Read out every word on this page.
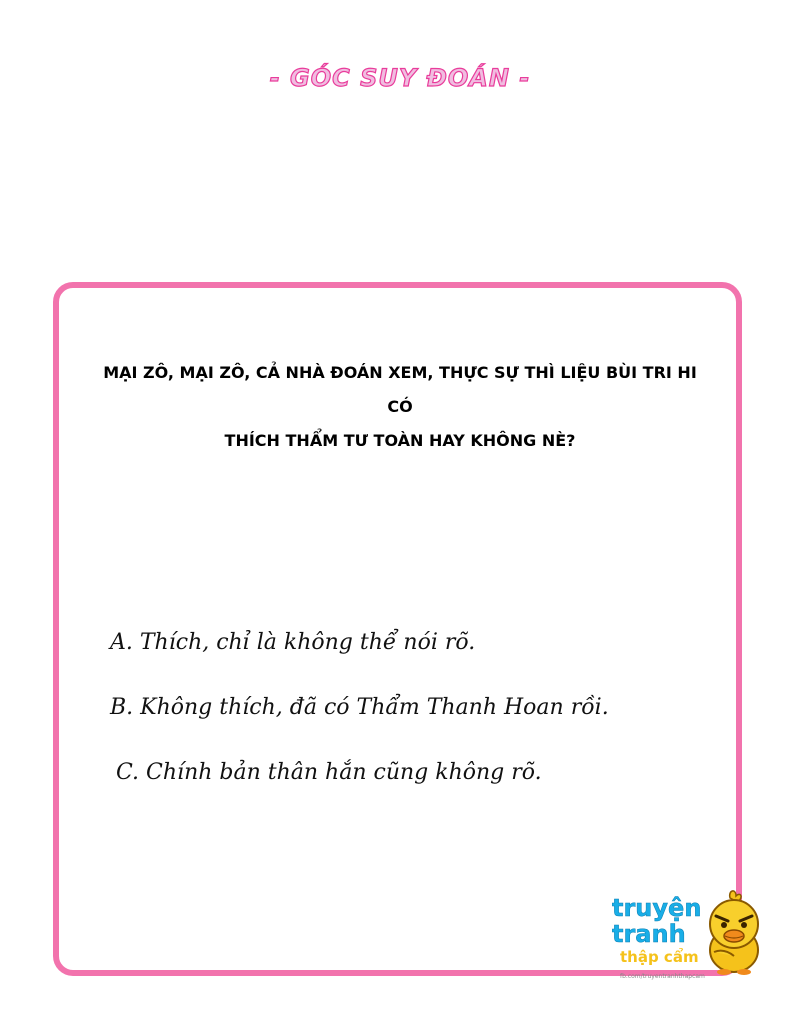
- GÓC SUY ĐOÁN -

MẠI ZÔ, MẠI ZÔ, CẢ NHÀ ĐOÁN XEM, THỰC SỰ THÌ LIỆU BÙI TRI HI CÓ
THÍCH THẨM TƯ TOÀN HAY KHÔNG NÈ?

A. Thích, chỉ là không thể nói rõ.
B. Không thích, đã có Thẩm Thanh Hoan rồi.
C. Chính bản thân hắn cũng không rõ.
truyện
tranh
thập cẩm
fb.com/truyentranhthapcam
